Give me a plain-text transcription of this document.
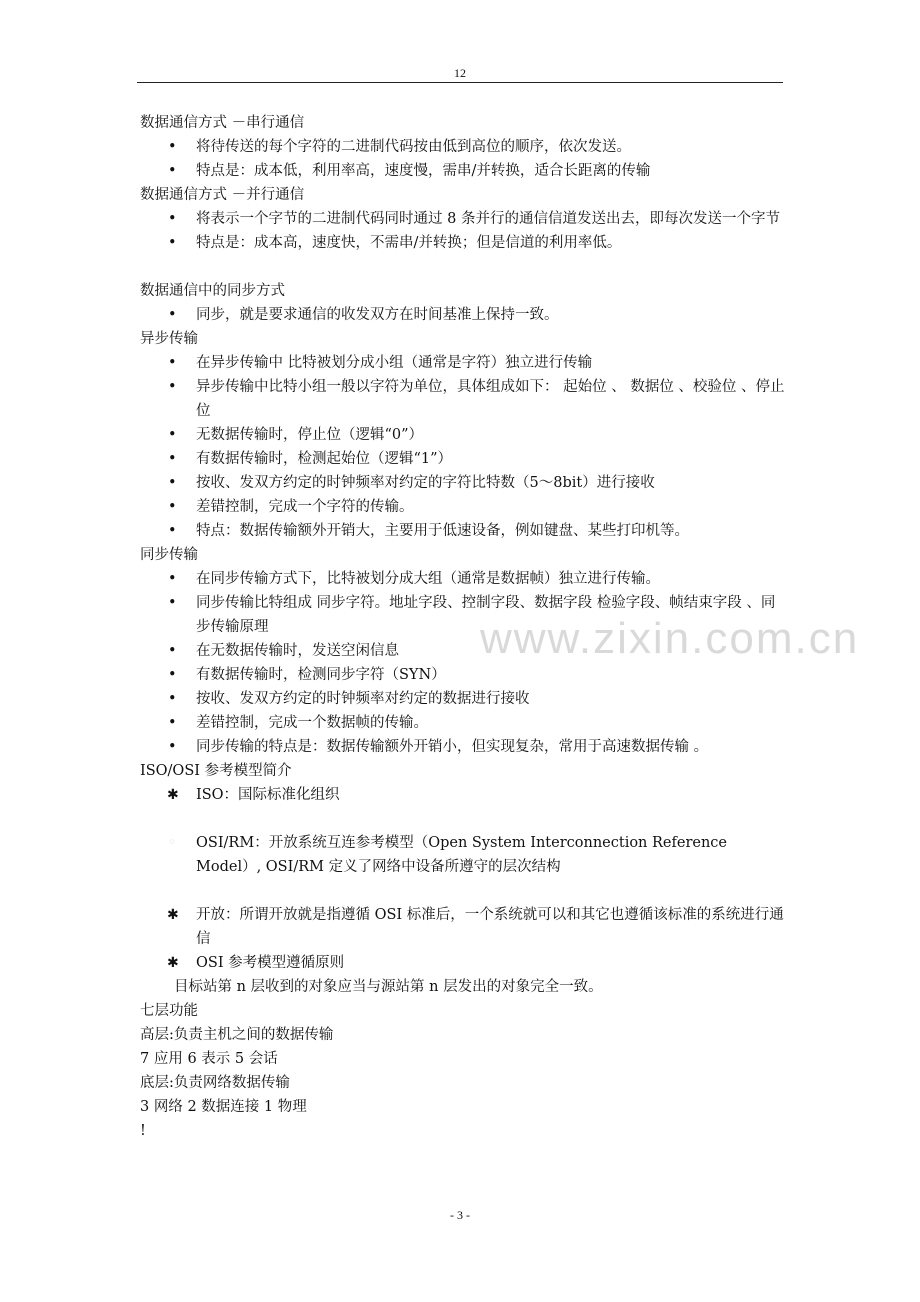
12
www.zixin.com.cn

数据通信方式 －串行通信

• 将待传送的每个字符的二进制代码按由低到高位的顺序，依次发送。
• 特点是：成本低，利用率高，速度慢，需串/并转换，适合长距离的传输

数据通信方式 －并行通信

• 将表示一个字节的二进制代码同时通过 8 条并行的通信信道发送出去，即每次发送一个字节
• 特点是：成本高，速度快，不需串/并转换；但是信道的利用率低。

数据通信中的同步方式

• 同步，就是要求通信的收发双方在时间基准上保持一致。

异步传输

• 在异步传输中 比特被划分成小组（通常是字符）独立进行传输
• 异步传输中比特小组一般以字符为单位，具体组成如下： 起始位 、 数据位 、校验位 、停止位
• 无数据传输时，停止位（逻辑“0”）
• 有数据传输时，检测起始位（逻辑“1”）
• 按收、发双方约定的时钟频率对约定的字符比特数（5～8bit）进行接收
• 差错控制，完成一个字符的传输。
• 特点：数据传输额外开销大，主要用于低速设备，例如键盘、某些打印机等。

同步传输

• 在同步传输方式下，比特被划分成大组（通常是数据帧）独立进行传输。
• 同步传输比特组成 同步字符。地址字段、控制字段、数据字段 检验字段、帧结束字段 、同步传输原理
• 在无数据传输时，发送空闲信息
• 有数据传输时，检测同步字符（SYN）
• 按收、发双方约定的时钟频率对约定的数据进行接收
• 差错控制，完成一个数据帧的传输。
• 同步传输的特点是：数据传输额外开销小，但实现复杂，常用于高速数据传输 。

ISO/OSI 参考模型简介

✱ ISO：国际标准化组织
◦ OSI/RM：开放系统互连参考模型（Open System Interconnection Reference Model）, OSI/RM 定义了网络中设备所遵守的层次结构
✱ 开放：所谓开放就是指遵循 OSI 标准后，一个系统就可以和其它也遵循该标准的系统进行通信
✱ OSI 参考模型遵循原则

目标站第 n 层收到的对象应当与源站第 n 层发出的对象完全一致。

七层功能

高层:负责主机之间的数据传输

7 应用 6 表示 5 会话

底层:负责网络数据传输

3 网络 2 数据连接 1 物理

!

- 3 -
